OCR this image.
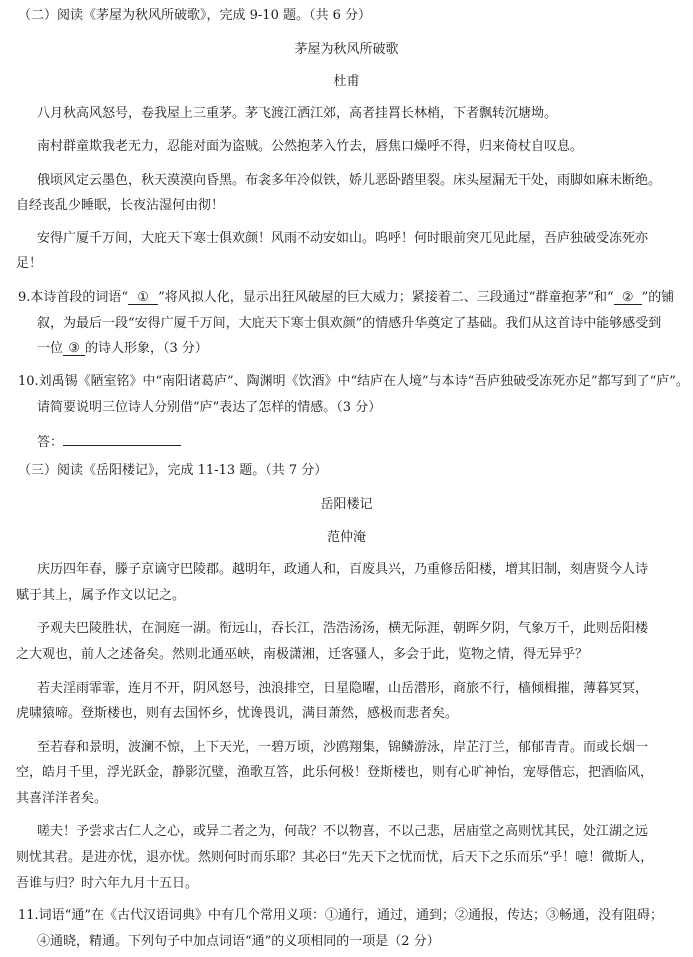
（二）阅读《茅屋为秋风所破歌》，完成 9-10 题。（共 6 分）
茅屋为秋风所破歌
杜甫
八月秋高风怒号，卷我屋上三重茅。茅飞渡江洒江郊，高者挂罥长林梢，下者飘转沉塘坳。
南村群童欺我老无力，忍能对面为盗贼。公然抱茅入竹去，唇焦口燥呼不得，归来倚杖自叹息。
俄顷风定云墨色，秋天漠漠向昏黑。布衾多年冷似铁，娇儿恶卧踏里裂。床头屋漏无干处，雨脚如麻未断绝。
自经丧乱少睡眠，长夜沾湿何由彻！
安得广厦千万间，大庇天下寒士俱欢颜！风雨不动安如山。呜呼！何时眼前突兀见此屋，吾庐独破受冻死亦
足！
9.本诗首段的词语“ ① ”将风拟人化，显示出狂风破屋的巨大威力；紧接着二、三段通过“群童抱茅”和“ ② ”的铺
叙，为最后一段“安得广厦千万间，大庇天下寒士俱欢颜”的情感升华奠定了基础。我们从这首诗中能够感受到
一位 ③ 的诗人形象，（3 分）
10.刘禹锡《陋室铭》中“南阳诸葛庐”、陶渊明《饮酒》中“结庐在人境”与本诗“吾庐独破受冻死亦足”都写到了“庐”。
请简要说明三位诗人分别借“庐”表达了怎样的情感。（3 分）
答：
（三）阅读《岳阳楼记》，完成 11-13 题。（共 7 分）
岳阳楼记
范仲淹
庆历四年春，滕子京谪守巴陵郡。越明年，政通人和，百废具兴，乃重修岳阳楼，增其旧制，刻唐贤今人诗
赋于其上，属予作文以记之。
予观夫巴陵胜状，在洞庭一湖。衔远山，吞长江，浩浩汤汤，横无际涯，朝晖夕阴，气象万千，此则岳阳楼
之大观也，前人之述备矣。然则北通巫峡，南极潇湘，迁客骚人，多会于此，览物之情，得无异乎？
若夫淫雨霏霏，连月不开，阴风怒号，浊浪排空，日星隐曜，山岳潜形，商旅不行，樯倾楫摧，薄暮冥冥，
虎啸猿啼。登斯楼也，则有去国怀乡，忧谗畏讥，满目萧然，感极而悲者矣。
至若春和景明，波澜不惊，上下天光，一碧万顷，沙鸥翔集，锦鳞游泳，岸芷汀兰，郁郁青青。而或长烟一
空，皓月千里，浮光跃金，静影沉璧，渔歌互答，此乐何极！登斯楼也，则有心旷神怡，宠辱偕忘，把酒临风，
其喜洋洋者矣。
嗟夫！予尝求古仁人之心，或异二者之为，何哉？不以物喜，不以己悲，居庙堂之高则忧其民，处江湖之远
则忧其君。是进亦忧，退亦忧。然则何时而乐耶？其必曰“先天下之忧而忧，后天下之乐而乐”乎！噫！微斯人，
吾谁与归？时六年九月十五日。
11.词语“通”在《古代汉语词典》中有几个常用义项：①通行，通过，通到；②通报，传达；③畅通，没有阻碍；
④通晓，精通。下列句子中加点词语“通”的义项相同的一项是（2 分）
